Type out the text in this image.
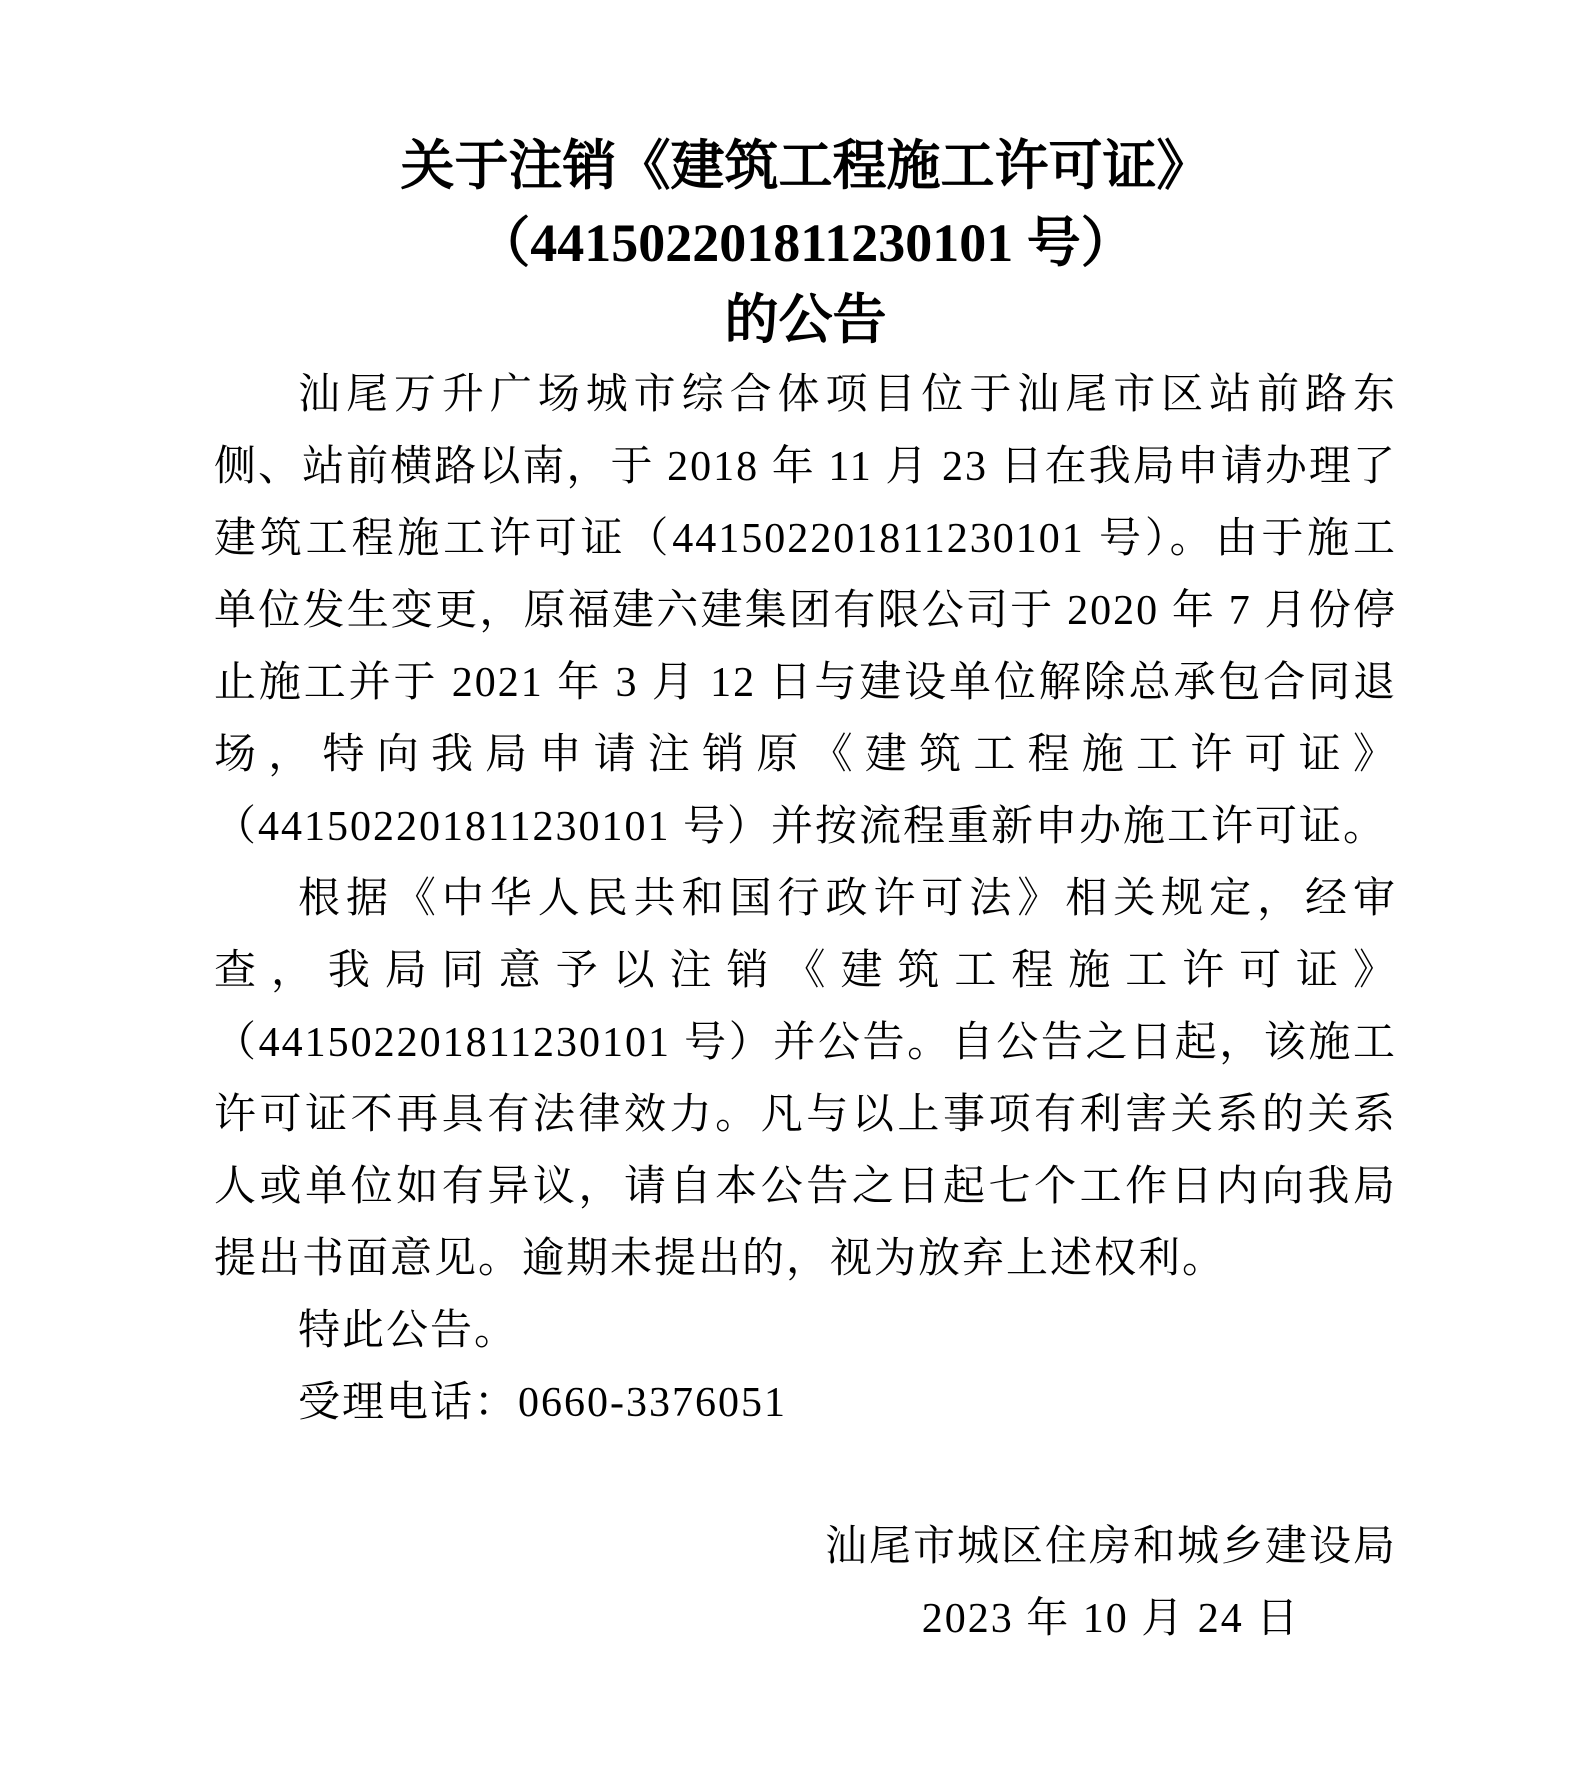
关于注销《建筑工程施工许可证》
（441502201811230101 号）
的公告

汕尾万升广场城市综合体项目位于汕尾市区站前路东侧、站前横路以南，于 2018 年 11 月 23 日在我局申请办理了建筑工程施工许可证（441502201811230101 号）。由于施工单位发生变更，原福建六建集团有限公司于 2020 年 7 月份停止施工并于 2021 年 3 月 12 日与建设单位解除总承包合同退场，特向我局申请注销原《建筑工程施工许可证》（441502201811230101 号）并按流程重新申办施工许可证。

根据《中华人民共和国行政许可法》相关规定，经审查，我局同意予以注销《建筑工程施工许可证》（441502201811230101 号）并公告。自公告之日起，该施工许可证不再具有法律效力。凡与以上事项有利害关系的关系人或单位如有异议，请自本公告之日起七个工作日内向我局提出书面意见。逾期未提出的，视为放弃上述权利。

特此公告。

受理电话：0660-3376051

汕尾市城区住房和城乡建设局
2023 年 10 月 24 日
